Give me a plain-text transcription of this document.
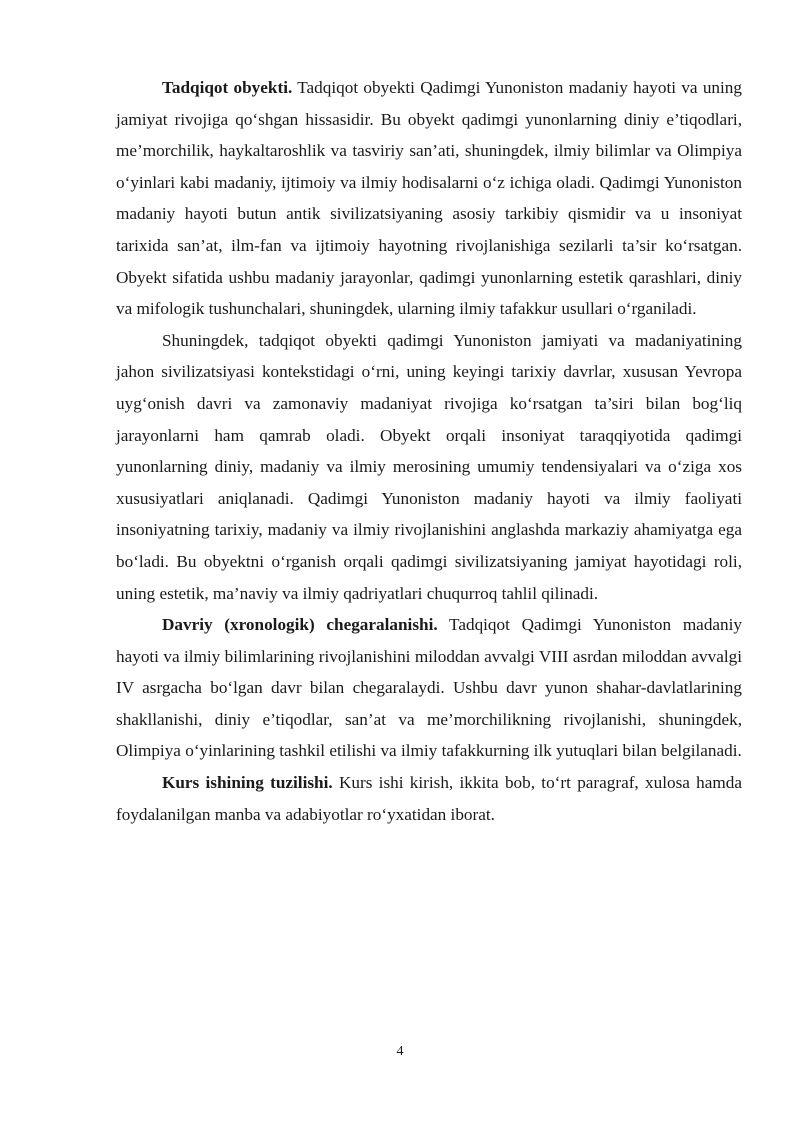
Tadqiqot obyekti. Tadqiqot obyekti Qadimgi Yunoniston madaniy hayoti va uning jamiyat rivojiga qo‘shgan hissasidir. Bu obyekt qadimgi yunonlarning diniy e’tiqodlari, me’morchilik, haykaltaroshlik va tasviriy san’ati, shuningdek, ilmiy bilimlar va Olimpiya o‘yinlari kabi madaniy, ijtimoiy va ilmiy hodisalarni o‘z ichiga oladi. Qadimgi Yunoniston madaniy hayoti butun antik sivilizatsiyaning asosiy tarkibiy qismidir va u insoniyat tarixida san’at, ilm-fan va ijtimoiy hayotning rivojlanishiga sezilarli ta’sir ko‘rsatgan. Obyekt sifatida ushbu madaniy jarayonlar, qadimgi yunonlarning estetik qarashlari, diniy va mifologik tushunchalari, shuningdek, ularning ilmiy tafakkur usullari o‘rganiladi.

Shuningdek, tadqiqot obyekti qadimgi Yunoniston jamiyati va madaniyatining jahon sivilizatsiyasi kontekstidagi o‘rni, uning keyingi tarixiy davrlar, xususan Yevropa uyg‘onish davri va zamonaviy madaniyat rivojiga ko‘rsatgan ta’siri bilan bog‘liq jarayonlarni ham qamrab oladi. Obyekt orqali insoniyat taraqqiyotida qadimgi yunonlarning diniy, madaniy va ilmiy merosining umumiy tendensiyalari va o‘ziga xos xususiyatlari aniqlanadi. Qadimgi Yunoniston madaniy hayoti va ilmiy faoliyati insoniyatning tarixiy, madaniy va ilmiy rivojlanishini anglashda markaziy ahamiyatga ega bo‘ladi. Bu obyektni o‘rganish orqali qadimgi sivilizatsiyaning jamiyat hayotidagi roli, uning estetik, ma’naviy va ilmiy qadriyatlari chuqurroq tahlil qilinadi.

Davriy (xronologik) chegaralanishi. Tadqiqot Qadimgi Yunoniston madaniy hayoti va ilmiy bilimlarining rivojlanishini miloddan avvalgi VIII asrdan miloddan avvalgi IV asrgacha bo‘lgan davr bilan chegaralaydi. Ushbu davr yunon shahar-davlatlarining shakllanishi, diniy e’tiqodlar, san’at va me’morchilikning rivojlanishi, shuningdek, Olimpiya o‘yinlarining tashkil etilishi va ilmiy tafakkurning ilk yutuqlari bilan belgilanadi.

Kurs ishining tuzilishi. Kurs ishi kirish, ikkita bob, to‘rt paragraf, xulosa hamda foydalanilgan manba va adabiyotlar ro‘yxatidan iborat.

4
